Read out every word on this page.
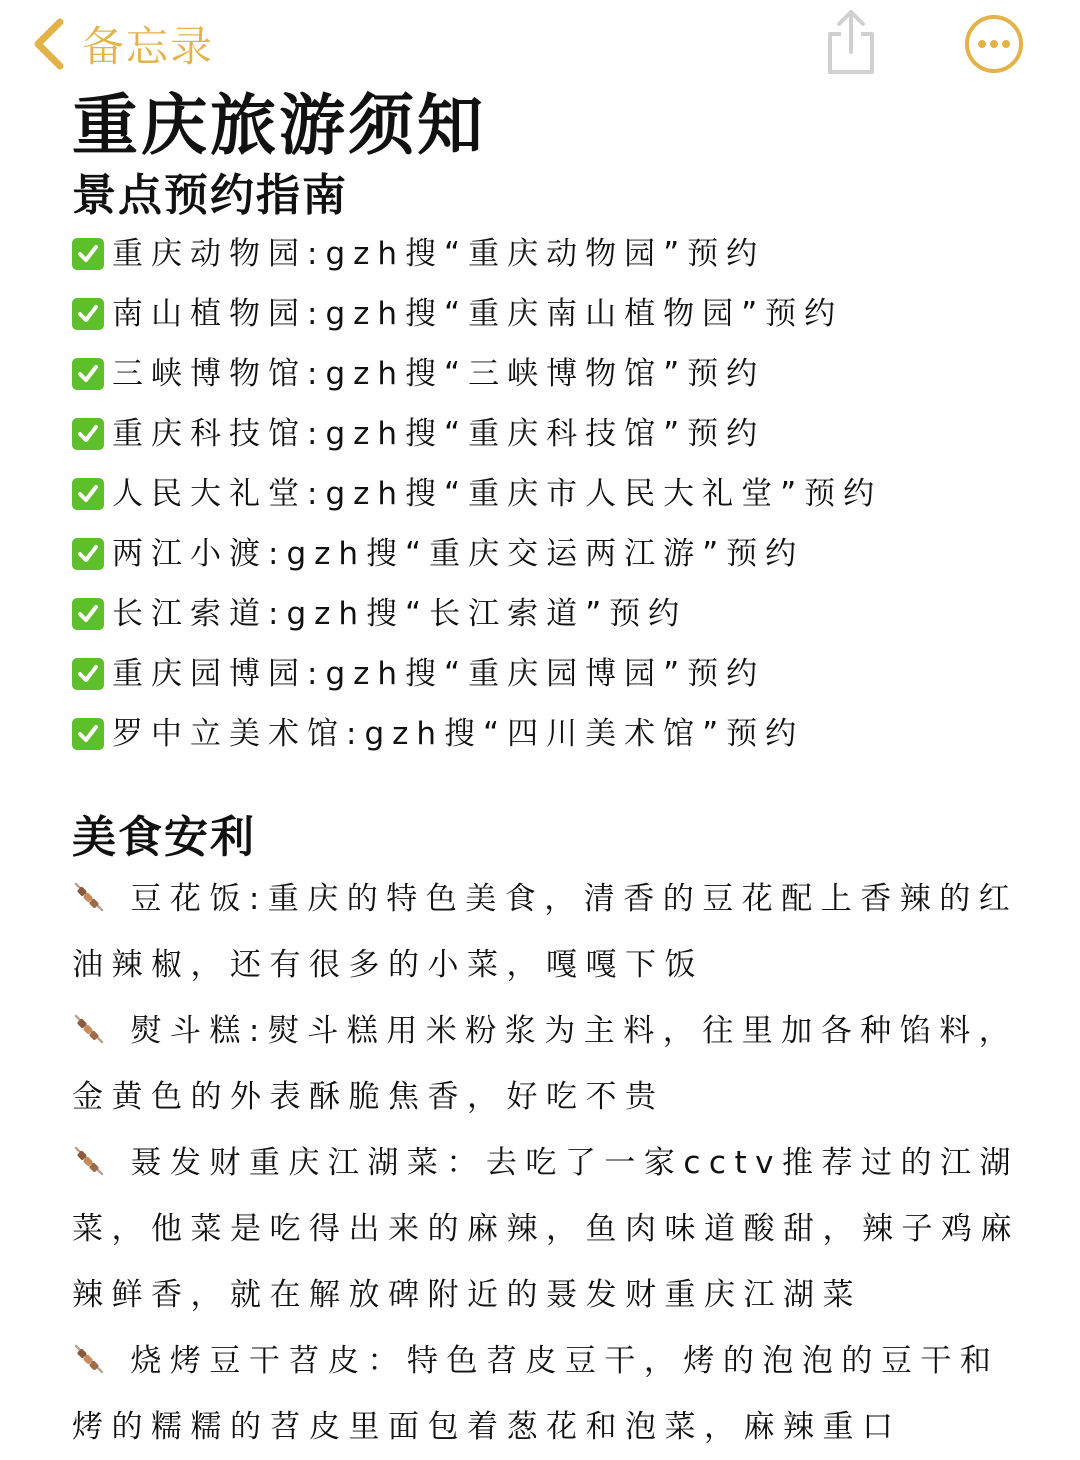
备忘录
重庆旅游须知
景点预约指南
重庆动物园:gzh搜“重庆动物园”预约
南山植物园:gzh搜“重庆南山植物园”预约
三峡博物馆:gzh搜“三峡博物馆”预约
重庆科技馆:gzh搜“重庆科技馆”预约
人民大礼堂:gzh搜“重庆市人民大礼堂”预约
两江小渡:gzh搜“重庆交运两江游”预约
长江索道:gzh搜“长江索道”预约
重庆园博园:gzh搜“重庆园博园”预约
罗中立美术馆:gzh搜“四川美术馆”预约
美食安利

豆花饭:重庆的特色美食，清香的豆花配上香辣的红油辣椒，还有很多的小菜，嘎嘎下饭

熨斗糕:熨斗糕用米粉浆为主料，往里加各种馅料，金黄色的外表酥脆焦香，好吃不贵

聂发财重庆江湖菜：去吃了一家cctv推荐过的江湖菜，他菜是吃得出来的麻辣，鱼肉味道酸甜，辣子鸡麻辣鲜香，就在解放碑附近的聂发财重庆江湖菜

烧烤豆干苕皮：特色苕皮豆干，烤的泡泡的豆干和烤的糯糯的苕皮里面包着葱花和泡菜，麻辣重口
